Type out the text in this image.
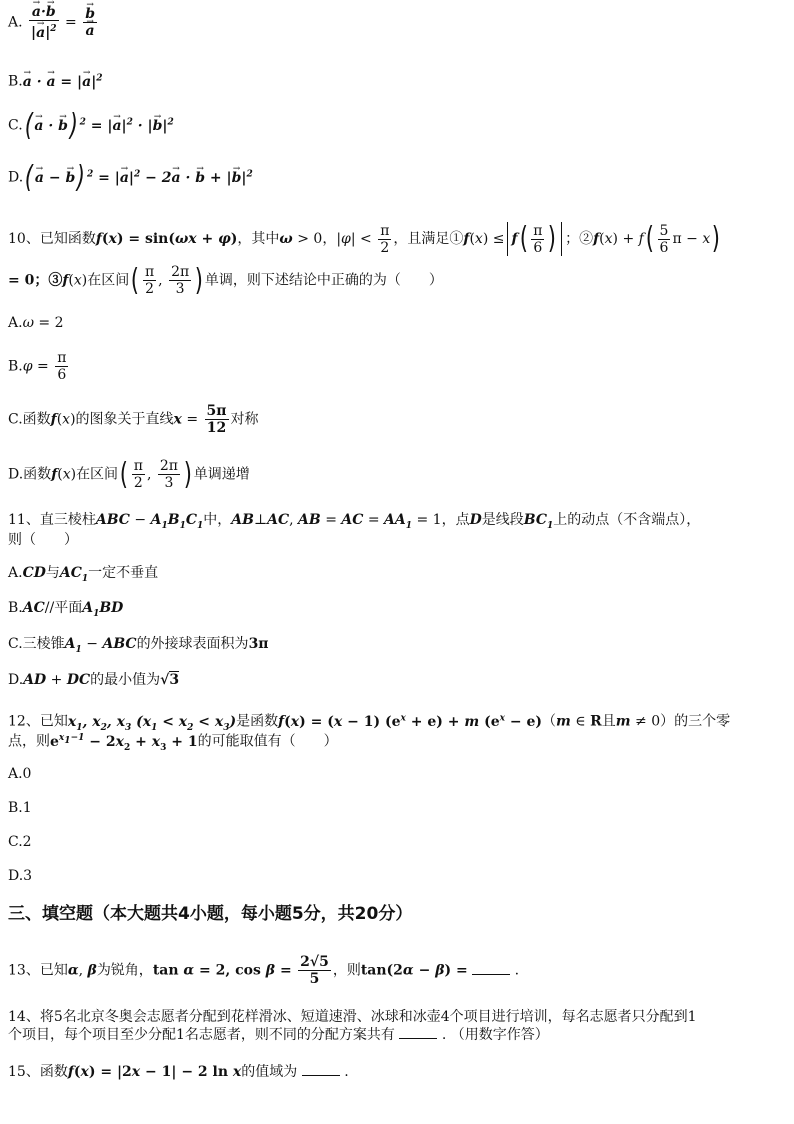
A. → $\frac{a\cdot\to b}{|\to a|^2}$ = → b
→ a
B.→ a · → a = |→ $a|^2$
C.( → a · → b) $^2$ = |→ $a|^2$ · |→ $b|^2$
D.( → a − → b) $^2$ = |→ $a|^2 - 2\to a$ · → b + |→ $b|^2$
10、已知函数f(x) = sin(ωx + φ)，其中ω > 0，$|\varphi| < \frac{\pi}{2}$ ，且满足①f(x) ≤ $f( \frac{\pi}{6}$ ) ；②f(x) + $f( \frac{5}{6}$ π − x)
= 0；③f(x)在区间( $\frac{\pi}{2}$ , $\frac{2\pi}{3}$ ) 单调，则下述结论中正确的为（　　）
A.ω = 2
$B.\varphi = \frac{\pi}{6}$
C.函数f(x)的图象关于直线$x = \frac{5\pi}{12}$ 对称
D.函数f(x)在区间( $\frac{\pi}{2}$ , $\frac{2\pi}{3}$ ) 单调递增
11、直三棱柱ABC − $A_1B_1C_1$中，AB⊥AC, AB = AC = $AA_1 = 1$，点D是线段$BC_1$上的动点（不含端点），
则（　　）
A.CD与$AC_1$一定不垂直
B.AC//平面$A_1BD$
C.三棱锥$A_1$ − ABC的外接球表面积为3π
D.AD + DC的最小值为√3
12、已知$x_1$, $x_2$, $x_3$ $(x_1 < x_2 < x_3)$是函数f(x) = (x − 1) $(e^x + e) + m$ $(e^x - e)(m$ ∈ R且m ≠ 0）的三个零
点，则$e^{x_1-1} - 2x_2 + x_3 + 1$的可能取值有（　　）
A.0
B.1
C.2
D.3
三、填空题（本大题共4小题，每小题5分，共20分）
13、已知α, β为锐角，tan α = 2, $\cos \beta = \frac{2√5}{5}$ ，则tan(2α − β) =	.
14、将5名北京冬奥会志愿者分配到花样滑冰、短道速滑、冰球和冰壶4个项目进行培训，每名志愿者只分配到1
个项目，每个项目至少分配1名志愿者，则不同的分配方案共有	. （用数字作答）
15、函数f(x) = |2x − 1| − 2 ln x的值域为	.
